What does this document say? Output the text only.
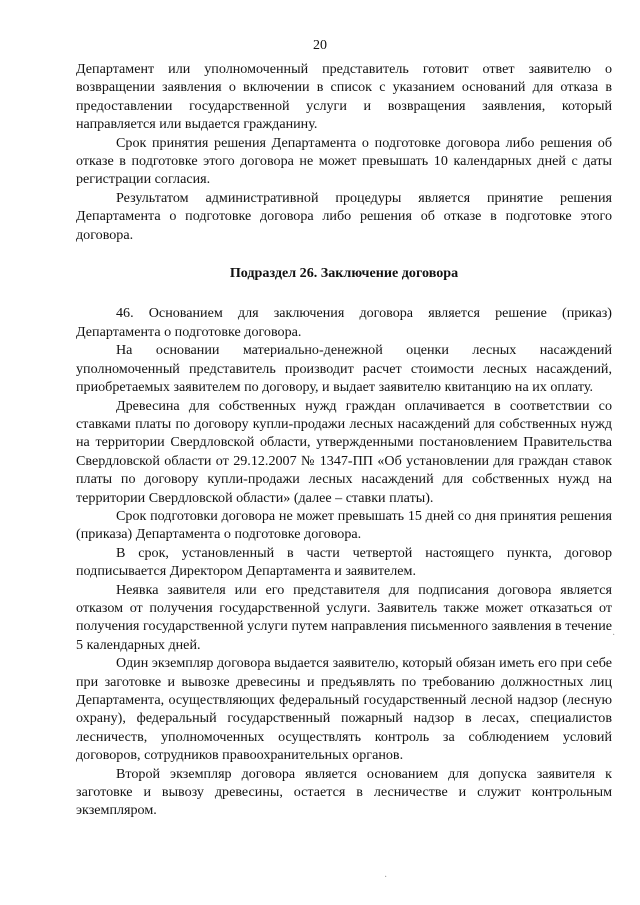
20

Департамент или уполномоченный представитель готовит ответ заявителю о возвращении заявления о включении в список с указанием оснований для отказа в предоставлении государственной услуги и возвращения заявления, который направляется или выдается гражданину.

Срок принятия решения Департамента о подготовке договора либо решения об отказе в подготовке этого договора не может превышать 10 календарных дней с даты регистрации согласия.

Результатом административной процедуры является принятие решения Департамента о подготовке договора либо решения об отказе в подготовке этого договора.

Подраздел 26. Заключение договора

46. Основанием для заключения договора является решение (приказ) Департамента о подготовке договора.

На основании материально-денежной оценки лесных насаждений уполномоченный представитель производит расчет стоимости лесных насаждений, приобретаемых заявителем по договору, и выдает заявителю квитанцию на их оплату.

Древесина для собственных нужд граждан оплачивается в соответствии со ставками платы по договору купли-продажи лесных насаждений для собственных нужд на территории Свердловской области, утвержденными постановлением Правительства Свердловской области от 29.12.2007 № 1347-ПП «Об установлении для граждан ставок платы по договору купли-продажи лесных насаждений для собственных нужд на территории Свердловской области» (далее – ставки платы).

Срок подготовки договора не может превышать 15 дней со дня принятия решения (приказа) Департамента о подготовке договора.

В срок, установленный в части четвертой настоящего пункта, договор подписывается Директором Департамента и заявителем.

Неявка заявителя или его представителя для подписания договора является отказом от получения государственной услуги. Заявитель также может отказаться от получения государственной услуги путем направления письменного заявления в течение 5 календарных дней.

Один экземпляр договора выдается заявителю, который обязан иметь его при себе при заготовке и вывозке древесины и предъявлять по требованию должностных лиц Департамента, осуществляющих федеральный государственный лесной надзор (лесную охрану), федеральный государственный пожарный надзор в лесах, специалистов лесничеств, уполномоченных осуществлять контроль за соблюдением условий договоров, сотрудников правоохранительных органов.

Второй экземпляр договора является основанием для допуска заявителя к заготовке и вывозу древесины, остается в лесничестве и служит контрольным экземпляром.

·
·
